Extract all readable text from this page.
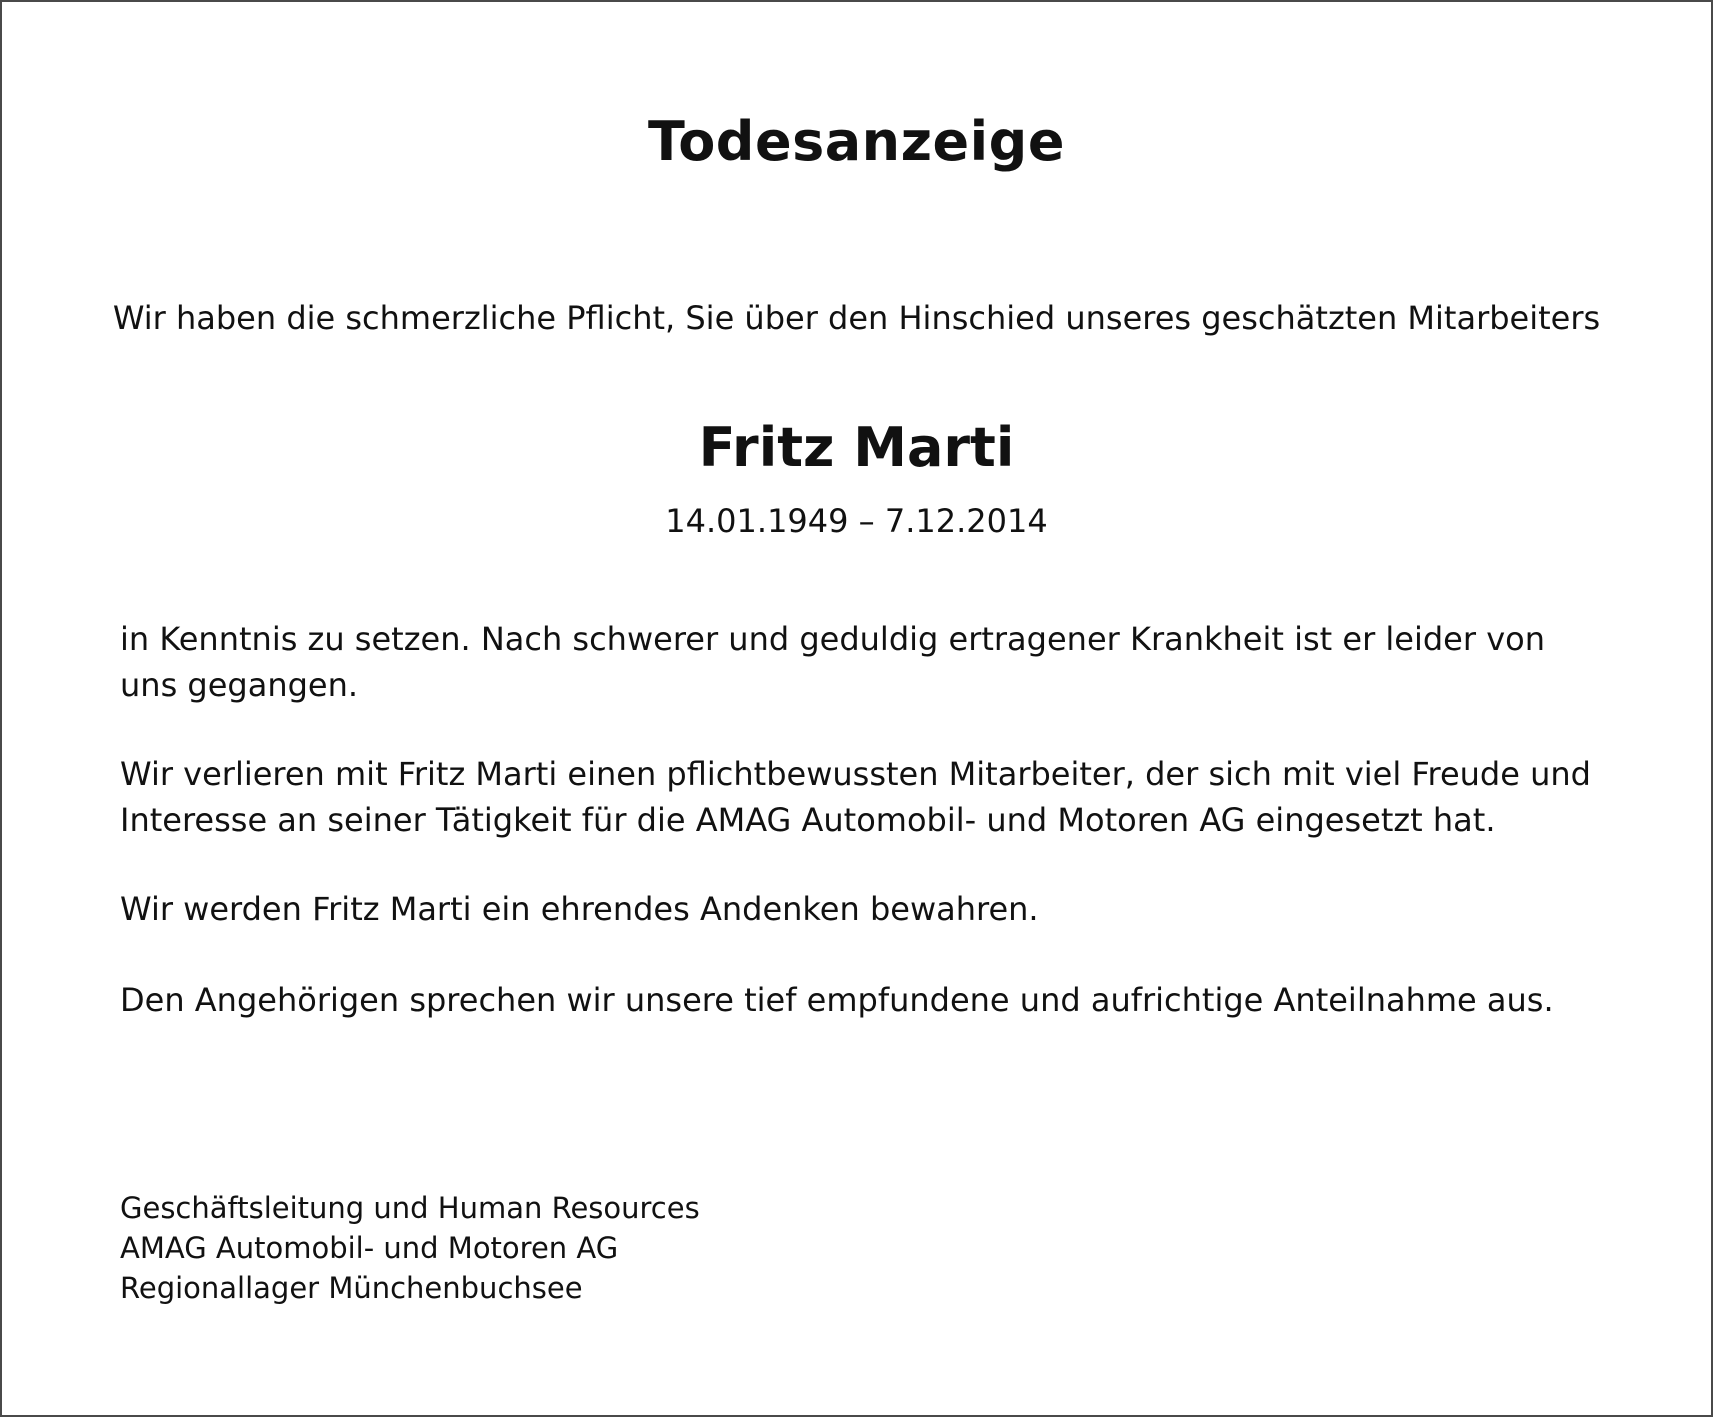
Todesanzeige

Wir haben die schmerzliche Pflicht, Sie über den Hinschied unseres geschätzten Mitarbeiters

Fritz Marti

14.01.1949 – 7.12.2014

in Kenntnis zu setzen. Nach schwerer und geduldig ertragener Krankheit ist er leider von uns gegangen.

Wir verlieren mit Fritz Marti einen pflichtbewussten Mitarbeiter, der sich mit viel Freude und Interesse an seiner Tätigkeit für die AMAG Automobil- und Motoren AG eingesetzt hat.

Wir werden Fritz Marti ein ehrendes Andenken bewahren.

Den Angehörigen sprechen wir unsere tief empfundene und aufrichtige Anteilnahme aus.

Geschäftsleitung und Human Resources
AMAG Automobil- und Motoren AG
Regionallager Münchenbuchsee
